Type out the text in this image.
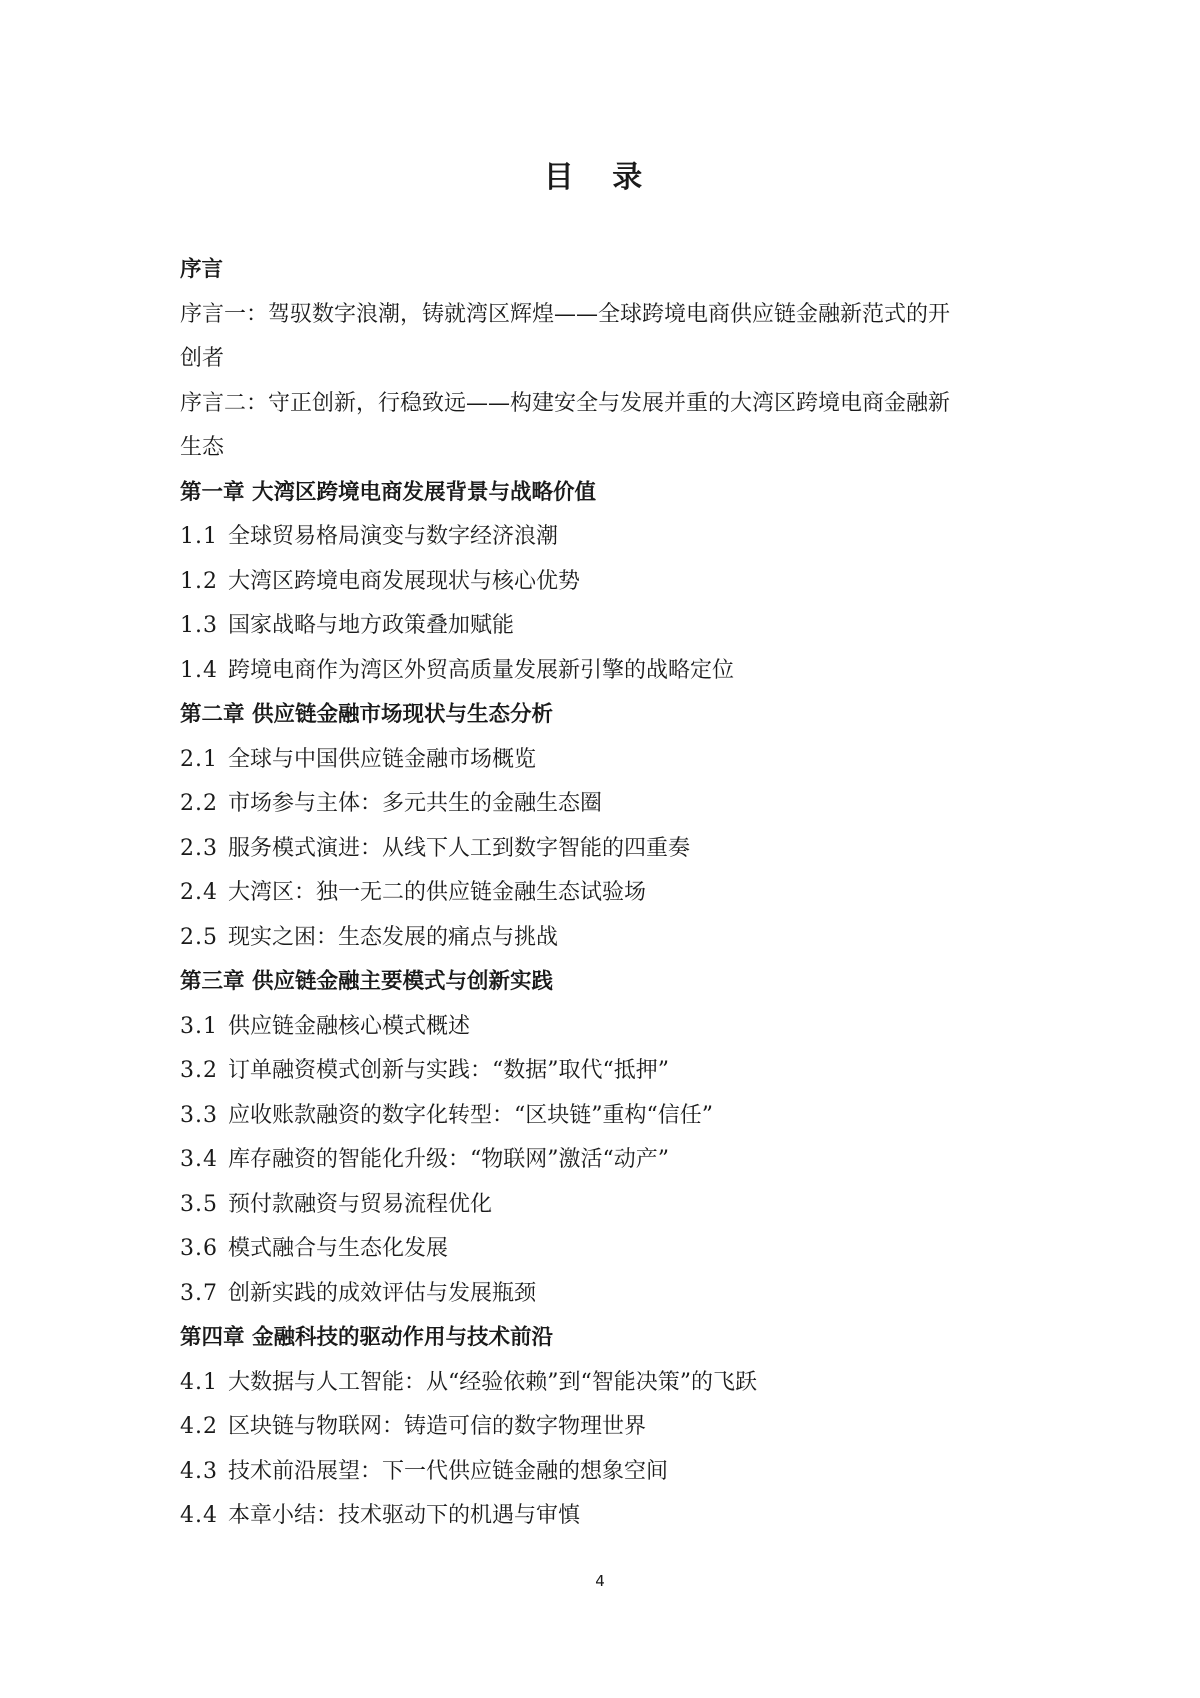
目 录
序言
序言一：驾驭数字浪潮，铸就湾区辉煌——全球跨境电商供应链金融新范式的开
创者
序言二：守正创新，行稳致远——构建安全与发展并重的大湾区跨境电商金融新
生态
第一章 大湾区跨境电商发展背景与战略价值
1.1 全球贸易格局演变与数字经济浪潮
1.2 大湾区跨境电商发展现状与核心优势
1.3 国家战略与地方政策叠加赋能
1.4 跨境电商作为湾区外贸高质量发展新引擎的战略定位
第二章 供应链金融市场现状与生态分析
2.1 全球与中国供应链金融市场概览
2.2 市场参与主体：多元共生的金融生态圈
2.3 服务模式演进：从线下人工到数字智能的四重奏
2.4 大湾区：独一无二的供应链金融生态试验场
2.5 现实之困：生态发展的痛点与挑战
第三章 供应链金融主要模式与创新实践
3.1 供应链金融核心模式概述
3.2 订单融资模式创新与实践：“数据”取代“抵押”
3.3 应收账款融资的数字化转型：“区块链”重构“信任”
3.4 库存融资的智能化升级：“物联网”激活“动产”
3.5 预付款融资与贸易流程优化
3.6 模式融合与生态化发展
3.7 创新实践的成效评估与发展瓶颈
第四章 金融科技的驱动作用与技术前沿
4.1 大数据与人工智能：从“经验依赖”到“智能决策”的飞跃
4.2 区块链与物联网：铸造可信的数字物理世界
4.3 技术前沿展望：下一代供应链金融的想象空间
4.4 本章小结：技术驱动下的机遇与审慎
4
